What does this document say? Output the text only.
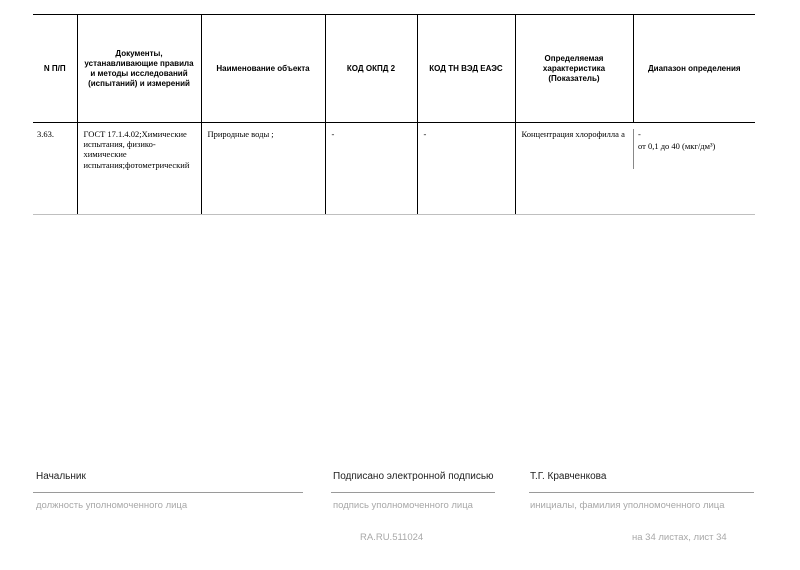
N П/П	Документы, устанавливающие правила и методы исследований (испытаний) и измерений	Наименование объекта	КОД ОКПД 2	КОД ТН ВЭД ЕАЭС	Определяемая характеристика (Показатель)	Диапазон определения
3.63.	ГОСТ 17.1.4.02;Химические испытания, физико-химические испытания;фотометрический	Природные воды ;	-	-	Концентрация хлорофилла а	-
от 0,1 до 40 (мкг/дм³)
Начальник
должность уполномоченного лица
Подписано электронной подписью
подпись уполномоченного лица
Т.Г. Кравченкова
инициалы, фамилия уполномоченного лица
RA.RU.511024	на 34 листах, лист 34
